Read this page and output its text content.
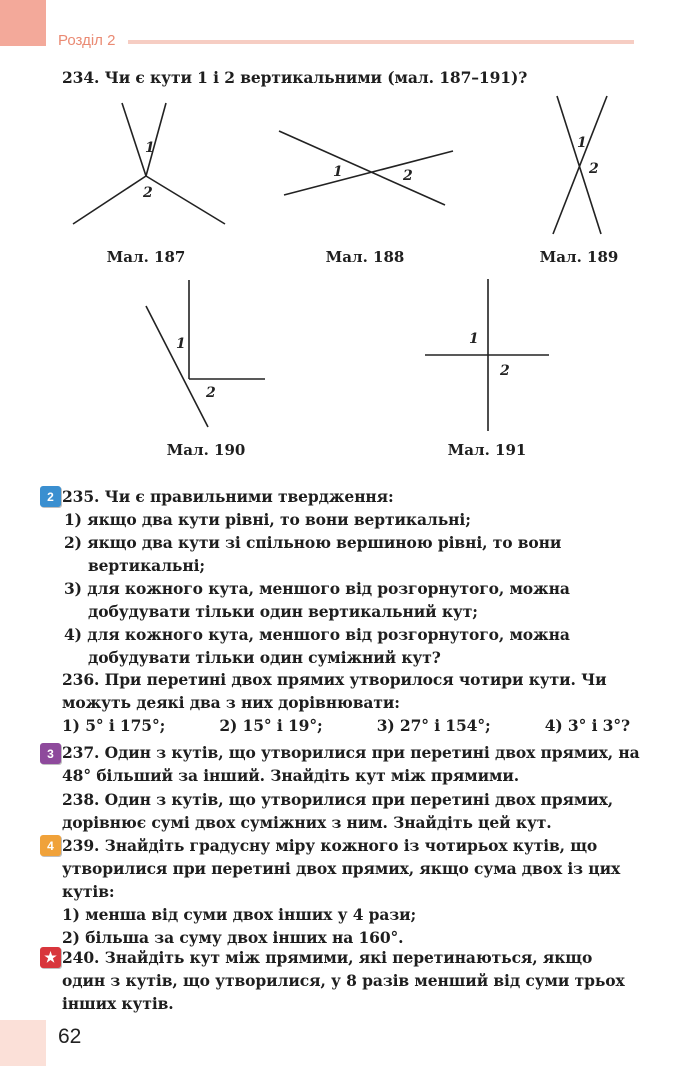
Розділ 2
234. Чи є кути 1 і 2 вертикальними (мал. 187–191)?
1
2
1	2
1
2
1
2
1
2
Мал. 187	Мал. 188	Мал. 189
Мал. 190	Мал. 191
2 235. Чи є правильними твердження:
1) якщо два кути рівні, то вони вертикальні;
2) якщо два кути зі спільною вершиною рівні, то вони вертикальні;
3) для кожного кута, меншого від розгорнутого, можна добудувати тільки один вертикальний кут;
4) для кожного кута, меншого від розгорнутого, можна добудувати тільки один суміжний кут?
236. При перетині двох прямих утворилося чотири кути. Чи можуть деякі два з них дорівнювати:
1) 5° і 175°;	2) 15° і 19°;	3) 27° і 154°;	4) 3° і 3°?
3 237. Один з кутів, що утворилися при перетині двох прямих, на 48° більший за інший. Знайдіть кут між прямими.
238. Один з кутів, що утворилися при перетині двох прямих, дорівнює сумі двох суміжних з ним. Знайдіть цей кут.
4 239. Знайдіть градусну міру кожного із чотирьох кутів, що утворилися при перетині двох прямих, якщо сума двох із цих кутів:
1) менша від суми двох інших у 4 рази;
2) більша за суму двох інших на 160°.
★ 240. Знайдіть кут між прямими, які перетинаються, якщо один з кутів, що утворилися, у 8 разів менший від суми трьох інших кутів.
62
